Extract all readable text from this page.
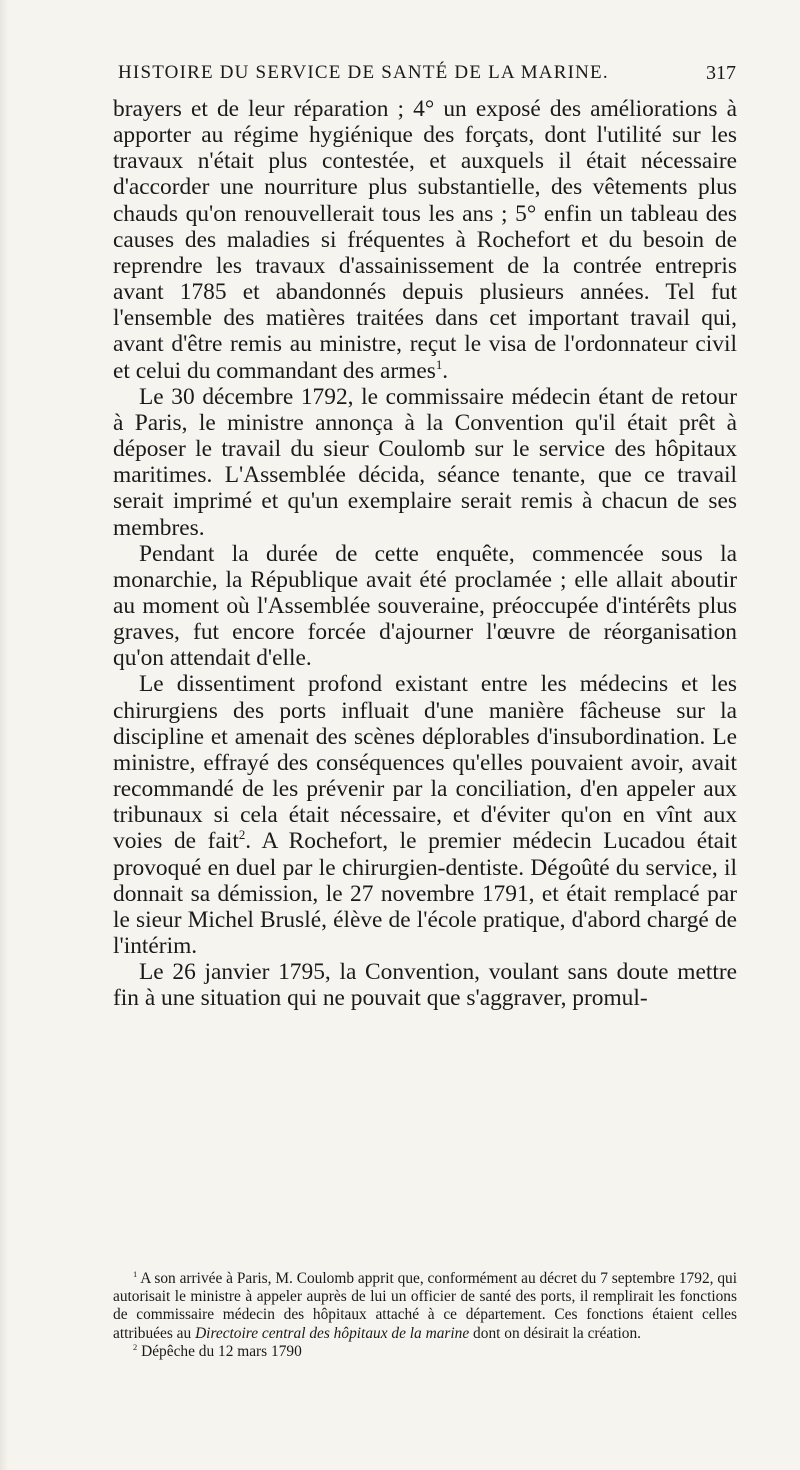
HISTOIRE DU SERVICE DE SANTÉ DE LA MARINE.	317

brayers et de leur réparation ; 4° un exposé des améliorations à apporter au régime hygiénique des forçats, dont l'utilité sur les travaux n'était plus contestée, et auxquels il était nécessaire d'accorder une nourriture plus substantielle, des vêtements plus chauds qu'on renouvellerait tous les ans ; 5° enfin un tableau des causes des maladies si fréquentes à Rochefort et du besoin de reprendre les travaux d'assainissement de la contrée entrepris avant 1785 et abandonnés depuis plusieurs années. Tel fut l'ensemble des matières traitées dans cet important travail qui, avant d'être remis au ministre, reçut le visa de l'ordonnateur civil et celui du commandant des armes$^1$.

Le 30 décembre 1792, le commissaire médecin étant de retour à Paris, le ministre annonça à la Convention qu'il était prêt à déposer le travail du sieur Coulomb sur le service des hôpitaux maritimes. L'Assemblée décida, séance tenante, que ce travail serait imprimé et qu'un exemplaire serait remis à chacun de ses membres.

Pendant la durée de cette enquête, commencée sous la monarchie, la République avait été proclamée ; elle allait aboutir au moment où l'Assemblée souveraine, préoccupée d'intérêts plus graves, fut encore forcée d'ajourner l'œuvre de réorganisation qu'on attendait d'elle.

Le dissentiment profond existant entre les médecins et les chirurgiens des ports influait d'une manière fâcheuse sur la discipline et amenait des scènes déplorables d'insubordination. Le ministre, effrayé des conséquences qu'elles pouvaient avoir, avait recommandé de les prévenir par la conciliation, d'en appeler aux tribunaux si cela était nécessaire, et d'éviter qu'on en vînt aux voies de fait$^2$. A Rochefort, le premier médecin Lucadou était provoqué en duel par le chirurgien-dentiste. Dégoûté du service, il donnait sa démission, le 27 novembre 1791, et était remplacé par le sieur Michel Bruslé, élève de l'école pratique, d'abord chargé de l'intérim.

Le 26 janvier 1795, la Convention, voulant sans doute mettre fin à une situation qui ne pouvait que s'aggraver, promul-

$^1$ A son arrivée à Paris, M. Coulomb apprit que, conformément au décret du 7 septembre 1792, qui autorisait le ministre à appeler auprès de lui un officier de santé des ports, il remplirait les fonctions de commissaire médecin des hôpitaux attaché à ce département. Ces fonctions étaient celles attribuées au Directoire central des hôpitaux de la marine dont on désirait la création.

$^2$ Dépêche du 12 mars 1790
